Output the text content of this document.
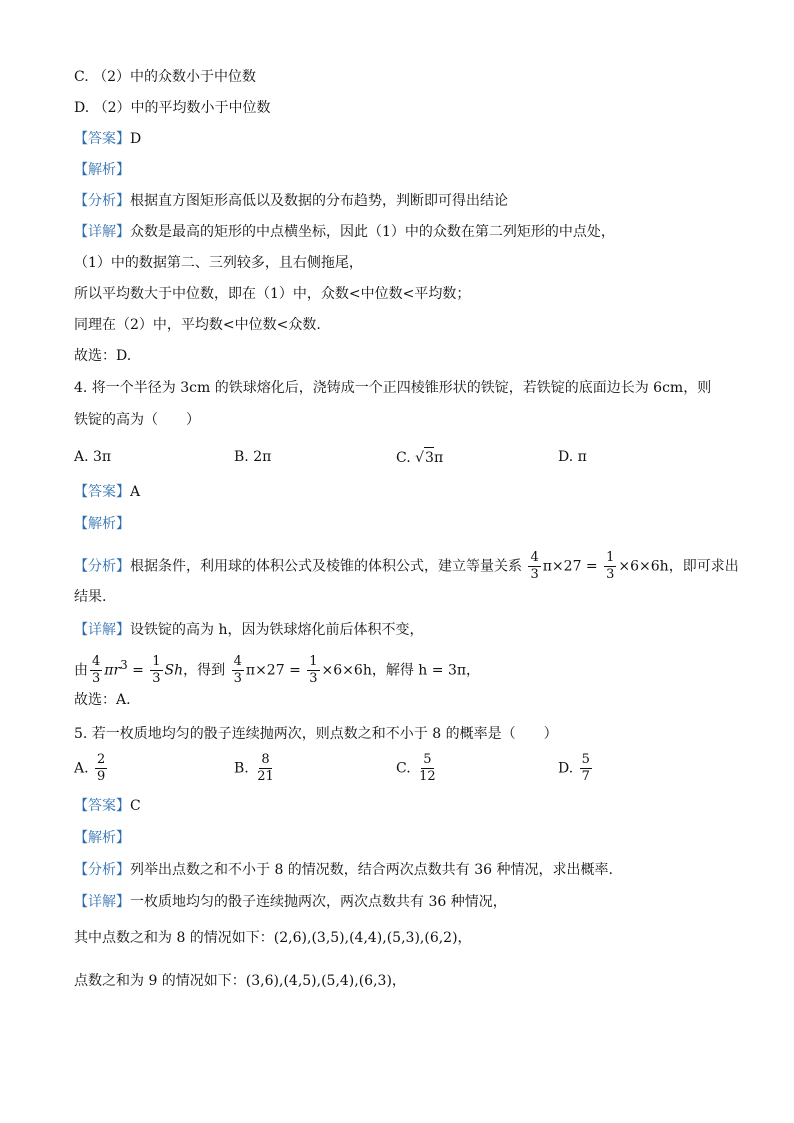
C. （2）中的众数小于中位数
D. （2）中的平均数小于中位数
【答案】D
【解析】
【分析】根据直方图矩形高低以及数据的分布趋势，判断即可得出结论
【详解】众数是最高的矩形的中点横坐标，因此（1）中的众数在第二列矩形的中点处，
（1）中的数据第二、三列较多，且右侧拖尾，
所以平均数大于中位数，即在（1）中，众数<中位数<平均数；
同理在（2）中，平均数<中位数<众数.
故选：D.
4. 将一个半径为 3cm 的铁球熔化后，浇铸成一个正四棱锥形状的铁锭，若铁锭的底面边长为 6cm，则
铁锭的高为（　　）
A. 3π	B. 2π	C. √3π	D. π
【答案】A
【解析】
【分析】根据条件，利用球的体积公式及棱锥的体积公式，建立等量关系 $\frac{4}{3} \pi\times 27 = \frac{1}{3} \times 6\times 6h$，即可求出
结果.
【详解】设铁锭的高为 h，因为铁球熔化前后体积不变，
由 $\frac{4}{3} \pi r^3 = \frac{1}{3}$ Sh，得到 $\frac{4}{3} \pi\times 27 = \frac{1}{3} \times 6\times 6h$，解得 h = 3π，
故选：A.
5. 若一枚质地均匀的骰子连续抛两次，则点数之和不小于 8 的概率是（　　）
A. $\frac{2}{9}$	B. $\frac{8}{21}$	C. $\frac{5}{12}$	D. $\frac{5}{7}$
【答案】C
【解析】
【分析】列举出点数之和不小于 8 的情况数，结合两次点数共有 36 种情况，求出概率.
【详解】一枚质地均匀的骰子连续抛两次，两次点数共有 36 种情况，
其中点数之和为 8 的情况如下：(2,6),(3,5),(4,4),(5,3),(6,2)，
点数之和为 9 的情况如下：(3,6),(4,5),(5,4),(6,3)，
